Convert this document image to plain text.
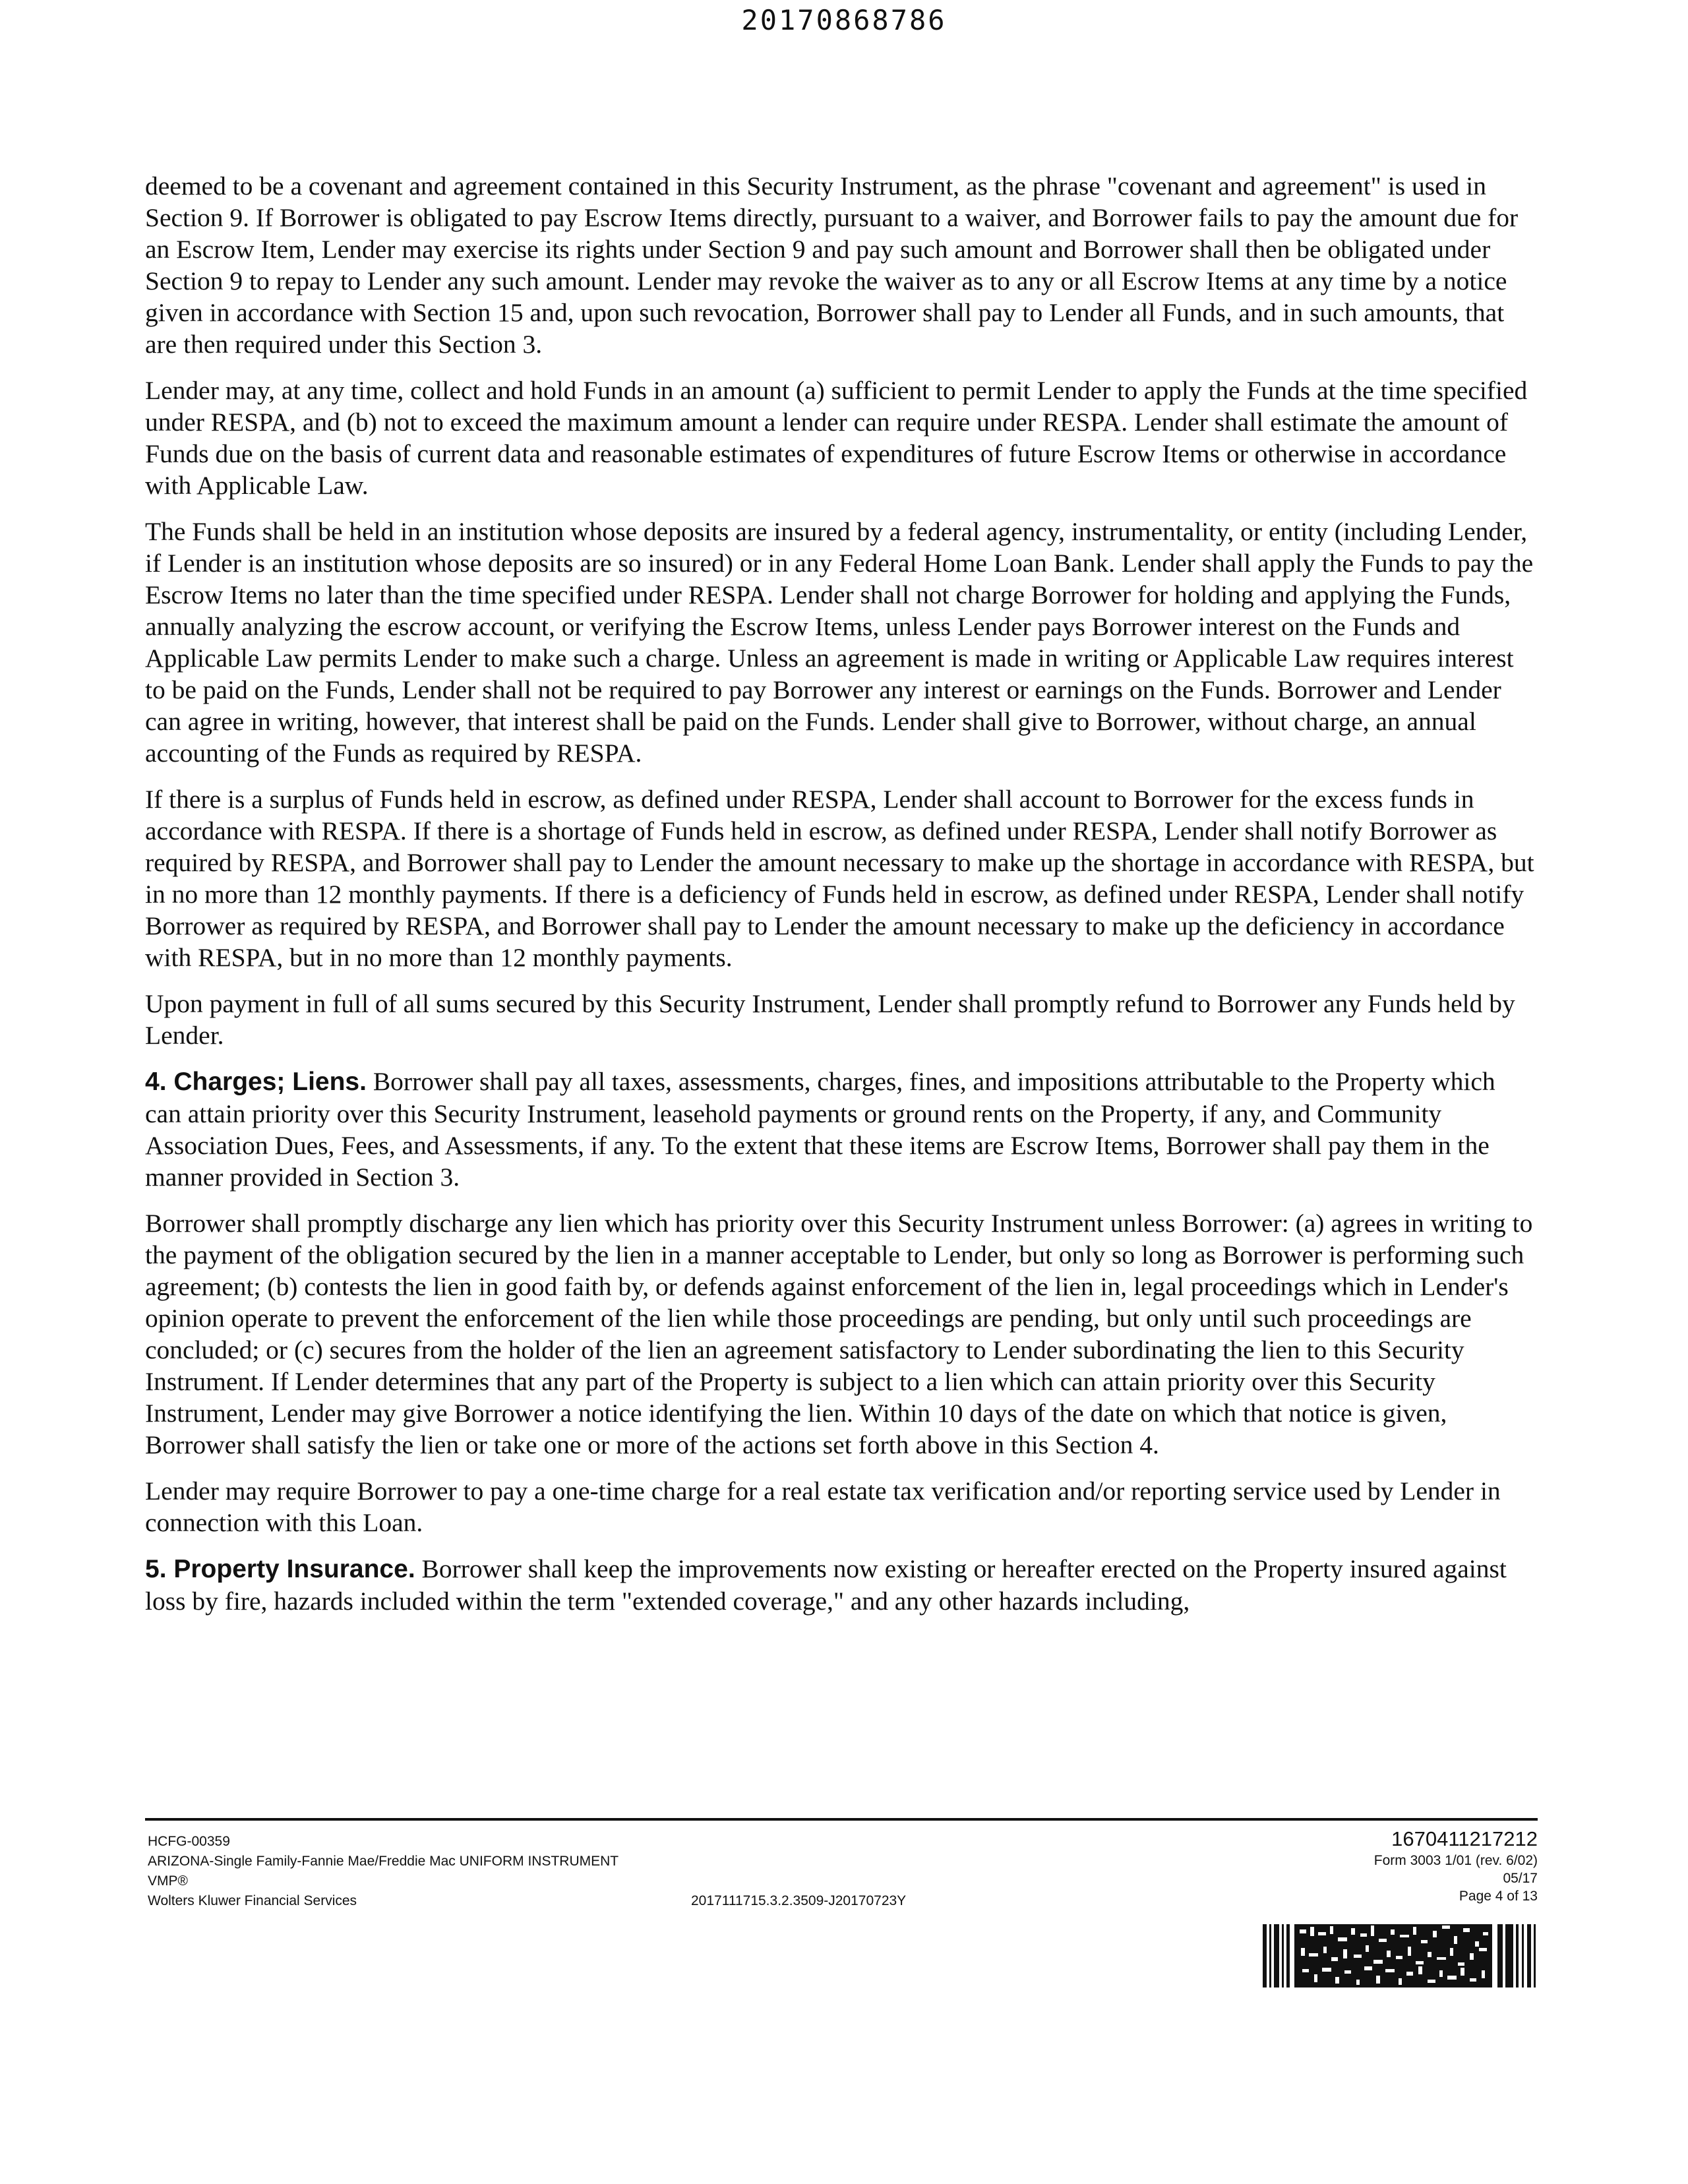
20170868786

deemed to be a covenant and agreement contained in this Security Instrument, as the phrase "covenant and agreement" is used in Section 9. If Borrower is obligated to pay Escrow Items directly, pursuant to a waiver, and Borrower fails to pay the amount due for an Escrow Item, Lender may exercise its rights under Section 9 and pay such amount and Borrower shall then be obligated under Section 9 to repay to Lender any such amount. Lender may revoke the waiver as to any or all Escrow Items at any time by a notice given in accordance with Section 15 and, upon such revocation, Borrower shall pay to Lender all Funds, and in such amounts, that are then required under this Section 3.

Lender may, at any time, collect and hold Funds in an amount (a) sufficient to permit Lender to apply the Funds at the time specified under RESPA, and (b) not to exceed the maximum amount a lender can require under RESPA. Lender shall estimate the amount of Funds due on the basis of current data and reasonable estimates of expenditures of future Escrow Items or otherwise in accordance with Applicable Law.

The Funds shall be held in an institution whose deposits are insured by a federal agency, instrumentality, or entity (including Lender, if Lender is an institution whose deposits are so insured) or in any Federal Home Loan Bank. Lender shall apply the Funds to pay the Escrow Items no later than the time specified under RESPA. Lender shall not charge Borrower for holding and applying the Funds, annually analyzing the escrow account, or verifying the Escrow Items, unless Lender pays Borrower interest on the Funds and Applicable Law permits Lender to make such a charge. Unless an agreement is made in writing or Applicable Law requires interest to be paid on the Funds, Lender shall not be required to pay Borrower any interest or earnings on the Funds. Borrower and Lender can agree in writing, however, that interest shall be paid on the Funds. Lender shall give to Borrower, without charge, an annual accounting of the Funds as required by RESPA.

If there is a surplus of Funds held in escrow, as defined under RESPA, Lender shall account to Borrower for the excess funds in accordance with RESPA. If there is a shortage of Funds held in escrow, as defined under RESPA, Lender shall notify Borrower as required by RESPA, and Borrower shall pay to Lender the amount necessary to make up the shortage in accordance with RESPA, but in no more than 12 monthly payments. If there is a deficiency of Funds held in escrow, as defined under RESPA, Lender shall notify Borrower as required by RESPA, and Borrower shall pay to Lender the amount necessary to make up the deficiency in accordance with RESPA, but in no more than 12 monthly payments.

Upon payment in full of all sums secured by this Security Instrument, Lender shall promptly refund to Borrower any Funds held by Lender.

4. Charges; Liens. Borrower shall pay all taxes, assessments, charges, fines, and impositions attributable to the Property which can attain priority over this Security Instrument, leasehold payments or ground rents on the Property, if any, and Community Association Dues, Fees, and Assessments, if any. To the extent that these items are Escrow Items, Borrower shall pay them in the manner provided in Section 3.

Borrower shall promptly discharge any lien which has priority over this Security Instrument unless Borrower: (a) agrees in writing to the payment of the obligation secured by the lien in a manner acceptable to Lender, but only so long as Borrower is performing such agreement; (b) contests the lien in good faith by, or defends against enforcement of the lien in, legal proceedings which in Lender's opinion operate to prevent the enforcement of the lien while those proceedings are pending, but only until such proceedings are concluded; or (c) secures from the holder of the lien an agreement satisfactory to Lender subordinating the lien to this Security Instrument. If Lender determines that any part of the Property is subject to a lien which can attain priority over this Security Instrument, Lender may give Borrower a notice identifying the lien. Within 10 days of the date on which that notice is given, Borrower shall satisfy the lien or take one or more of the actions set forth above in this Section 4.

Lender may require Borrower to pay a one-time charge for a real estate tax verification and/or reporting service used by Lender in connection with this Loan.

5. Property Insurance. Borrower shall keep the improvements now existing or hereafter erected on the Property insured against loss by fire, hazards included within the term "extended coverage," and any other hazards including,

HCFG-00359
ARIZONA-Single Family-Fannie Mae/Freddie Mac UNIFORM INSTRUMENT
VMP®
Wolters Kluwer Financial Services	2017111715.3.2.3509-J20170723Y
1670411217212
Form 3003 1/01 (rev. 6/02)
05/17
Page 4 of 13
